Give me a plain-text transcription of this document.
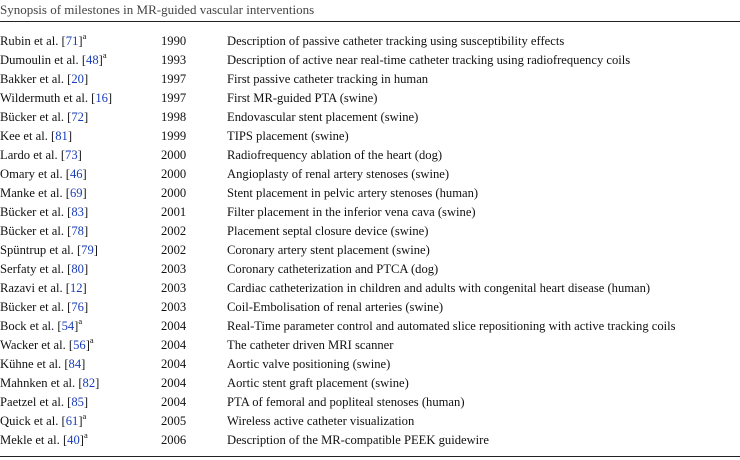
Synopsis of milestones in MR-guided vascular interventions
Rubin et al. $[71]^a$	1990	Description of passive catheter tracking using susceptibility effects
Dumoulin et al. $[48]^a$	1993	Description of active near real-time catheter tracking using radiofrequency coils
Bakker et al. [20]	1997	First passive catheter tracking in human
Wildermuth et al. [16]	1997	First MR-guided PTA (swine)
Bücker et al. [72]	1998	Endovascular stent placement (swine)
Kee et al. [81]	1999	TIPS placement (swine)
Lardo et al. [73]	2000	Radiofrequency ablation of the heart (dog)
Omary et al. [46]	2000	Angioplasty of renal artery stenoses (swine)
Manke et al. [69]	2000	Stent placement in pelvic artery stenoses (human)
Bücker et al. [83]	2001	Filter placement in the inferior vena cava (swine)
Bücker et al. [78]	2002	Placement septal closure device (swine)
Spüntrup et al. [79]	2002	Coronary artery stent placement (swine)
Serfaty et al. [80]	2003	Coronary catheterization and PTCA (dog)
Razavi et al. [12]	2003	Cardiac catheterization in children and adults with congenital heart disease (human)
Bücker et al. [76]	2003	Coil-Embolisation of renal arteries (swine)
Bock et al. $[54]^a$	2004	Real-Time parameter control and automated slice repositioning with active tracking coils
Wacker et al. $[56]^a$	2004	The catheter driven MRI scanner
Kühne et al. [84]	2004	Aortic valve positioning (swine)
Mahnken et al. [82]	2004	Aortic stent graft placement (swine)
Paetzel et al. [85]	2004	PTA of femoral and popliteal stenoses (human)
Quick et al. $[61]^a$	2005	Wireless active catheter visualization
Mekle et al. $[40]^a$	2006	Description of the MR-compatible PEEK guidewire
